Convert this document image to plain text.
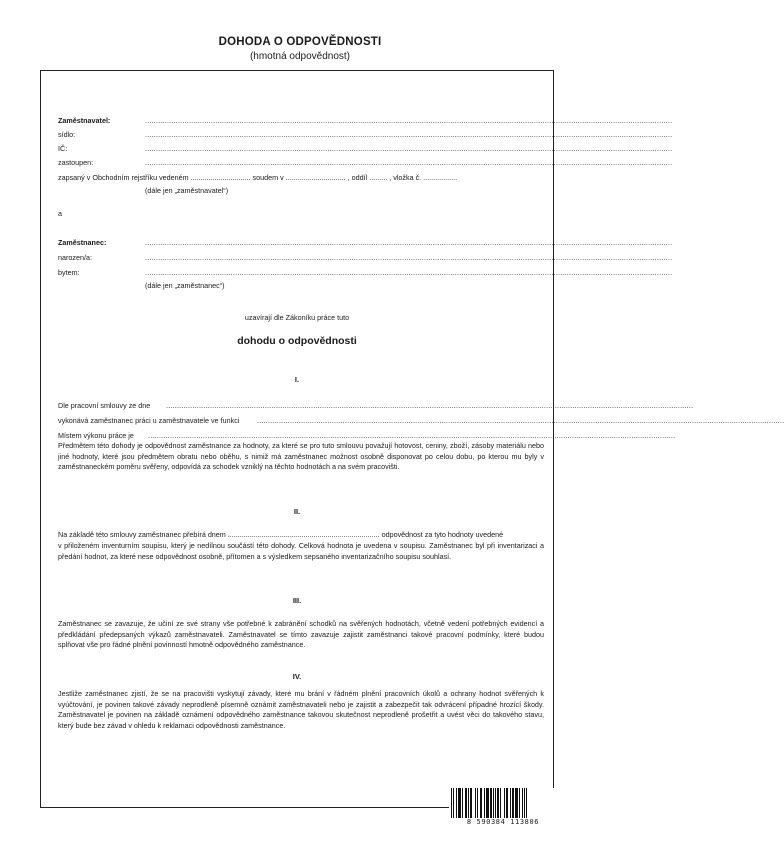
DOHODA O ODPOVĚDNOSTI
(hmotná odpovědnost)
Zaměstnavatel:	................................................................................................................................................................................................................................................
sídlo:	................................................................................................................................................................................................................................................
IČ:	................................................................................................................................................................................................................................................
zastoupen:	................................................................................................................................................................................................................................................
zapsaný v Obchodním rejstříku vedeném .............................. soudem v .............................. , oddíl ......... , vložka č. .................
(dále jen „zaměstnavatel“)
a
Zaměstnanec:	................................................................................................................................................................................................................................................
narozen/a:	................................................................................................................................................................................................................................................
bytem:	................................................................................................................................................................................................................................................
(dále jen „zaměstnanec“)
uzavírají dle Zákoníku práce tuto
dohodu o odpovědnosti
I.
Dle pracovní smlouvy ze dne ................................................................................................................................................................................................................................................
vykonává zaměstnanec práci u zaměstnavatele ve funkci ................................................................................................................................................................................................................................................
Místem výkonu práce je ................................................................................................................................................................................................................................................
Předmětem této dohody je odpovědnost zaměstnance za hodnoty, za které se pro tuto smlouvu považují hotovost, ceniny, zboží, zásoby materiálu nebo jiné hodnoty, které jsou předmětem obratu nebo oběhu, s nimiž má zaměstnanec možnost osobně disponovat po celou dobu, po kterou mu byly v zaměstnaneckém poměru svěřeny, odpovídá za schodek vzniklý na těchto hodnotách a na svém pracovišti.
II.
Na základě této smlouvy zaměstnanec přebírá dnem ............................................................................ odpovědnost za tyto hodnoty uvedené
v přiloženém inventurním soupisu, který je nedílnou součástí této dohody. Celková hodnota je uvedena v soupisu. Zaměstnanec byl při inventarizaci a předání hodnot, za které nese odpovědnost osobně, přítomen a s výsledkem sepsaného inventarizačního soupisu souhlasí.
III.
Zaměstnanec se zavazuje, že učiní ze své strany vše potřebné k zabránění schodků na svěřených hodnotách, včetně vedení potřebných evidencí a předkládání předepsaných výkazů zaměstnavateli. Zaměstnavatel se tímto zavazuje zajistit zaměstnanci takové pracovní podmínky, které budou splňovat vše pro řádné plnění povinností hmotně odpovědného zaměstnance.
IV.
Jestliže zaměstnanec zjistí, že se na pracovišti vyskytují závady, které mu brání v řádném plnění pracovních úkolů a ochrany hodnot svěřených k vyúčtování, je povinen takové závady neprodleně písemně oznámit zaměstnavateli nebo je zajistit a zabezpečit tak odvrácení případné hrozící škody. Zaměstnavatel je povinen na základě oznámení odpovědného zaměstnance takovou skutečnost neprodleně prošetřit a uvést věci do takového stavu, který bude bez závad v ohledu k reklamaci odpovědnosti zaměstnance.
8 590384 113806
